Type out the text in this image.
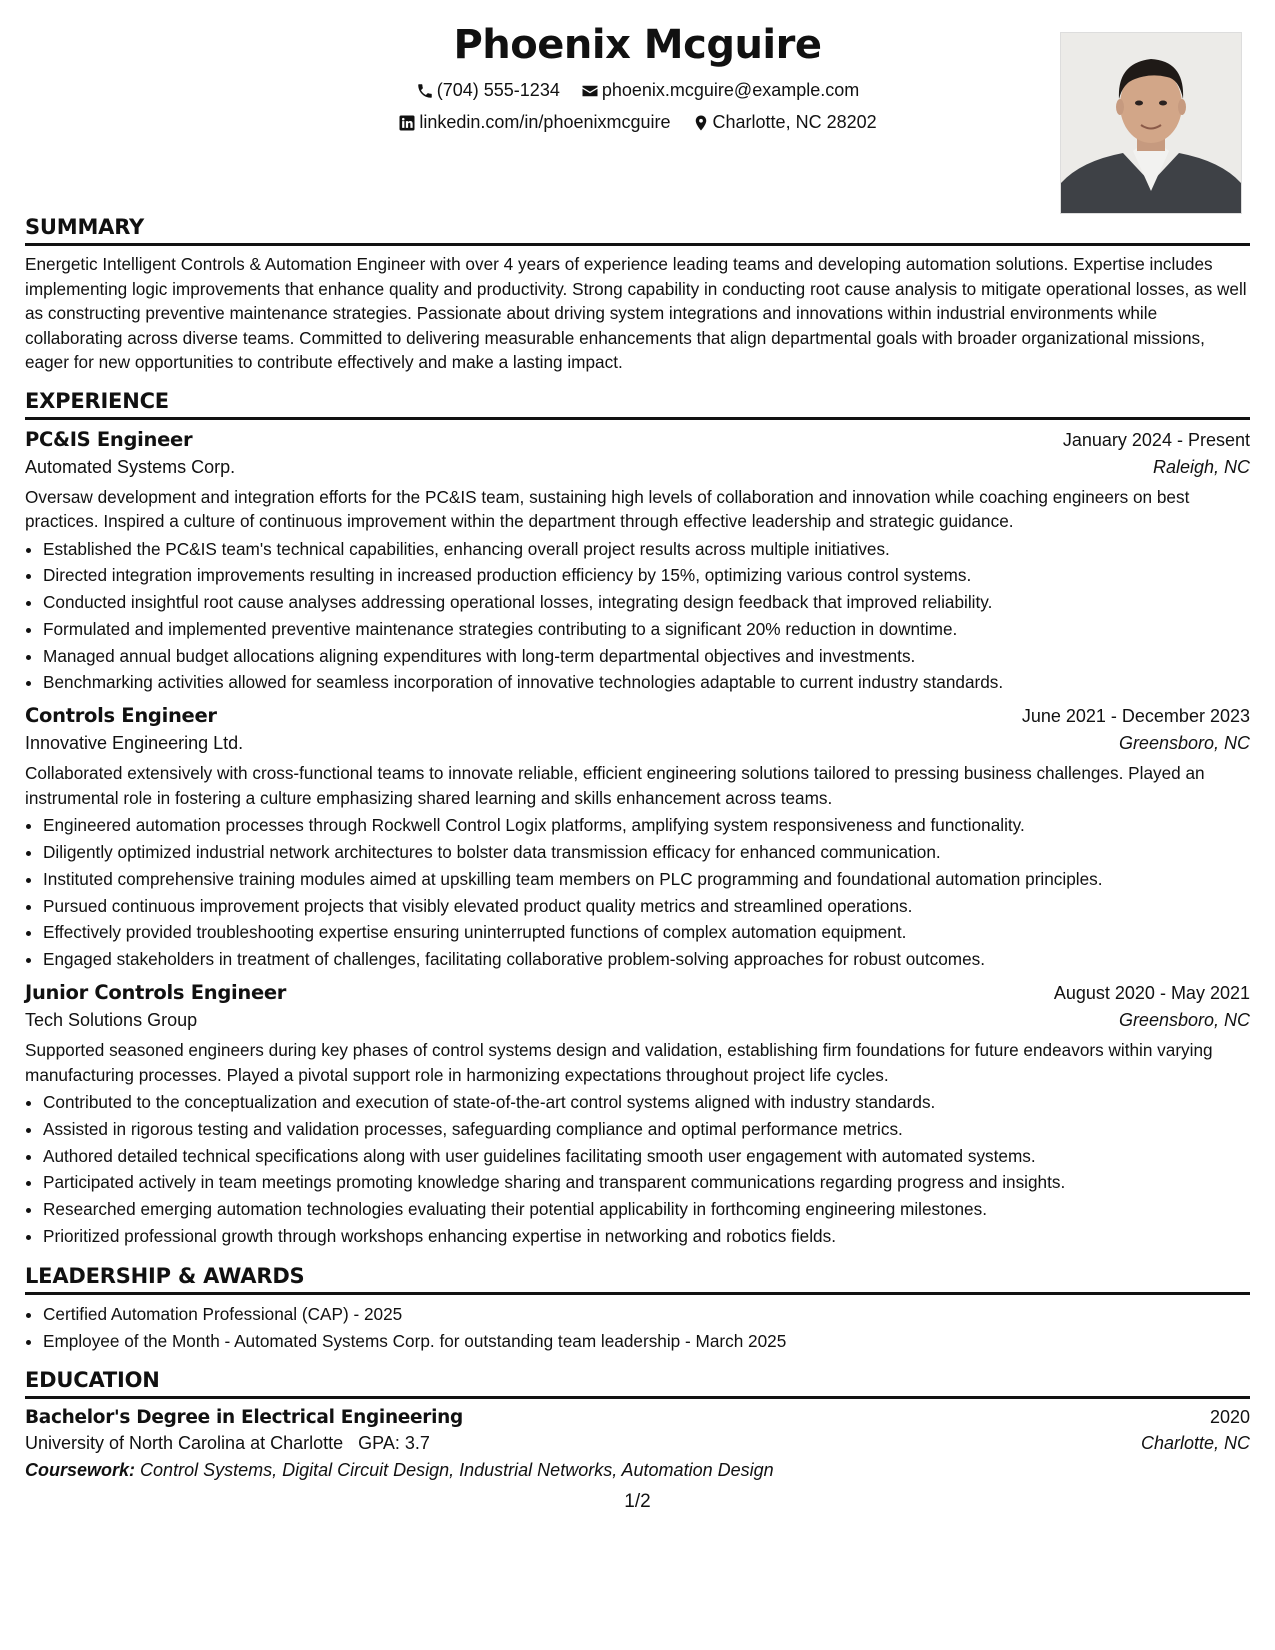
Phoenix Mcguire
(704) 555-1234
phoenix.mcguire@example.com
linkedin.com/in/phoenixmcguire
Charlotte, NC 28202
SUMMARY

Energetic Intelligent Controls & Automation Engineer with over 4 years of experience leading teams and developing automation solutions. Expertise includes implementing logic improvements that enhance quality and productivity. Strong capability in conducting root cause analysis to mitigate operational losses, as well as constructing preventive maintenance strategies. Passionate about driving system integrations and innovations within industrial environments while collaborating across diverse teams. Committed to delivering measurable enhancements that align departmental goals with broader organizational missions, eager for new opportunities to contribute effectively and make a lasting impact.

EXPERIENCE
PC&IS Engineer	January 2024 - Present
Automated Systems Corp.	Raleigh, NC

Oversaw development and integration efforts for the PC&IS team, sustaining high levels of collaboration and innovation while coaching engineers on best practices. Inspired a culture of continuous improvement within the department through effective leadership and strategic guidance.

• Established the PC&IS team's technical capabilities, enhancing overall project results across multiple initiatives.
• Directed integration improvements resulting in increased production efficiency by 15%, optimizing various control systems.
• Conducted insightful root cause analyses addressing operational losses, integrating design feedback that improved reliability.
• Formulated and implemented preventive maintenance strategies contributing to a significant 20% reduction in downtime.
• Managed annual budget allocations aligning expenditures with long-term departmental objectives and investments.
• Benchmarking activities allowed for seamless incorporation of innovative technologies adaptable to current industry standards.
Controls Engineer	June 2021 - December 2023
Innovative Engineering Ltd.	Greensboro, NC

Collaborated extensively with cross-functional teams to innovate reliable, efficient engineering solutions tailored to pressing business challenges. Played an instrumental role in fostering a culture emphasizing shared learning and skills enhancement across teams.

• Engineered automation processes through Rockwell Control Logix platforms, amplifying system responsiveness and functionality.
• Diligently optimized industrial network architectures to bolster data transmission efficacy for enhanced communication.
• Instituted comprehensive training modules aimed at upskilling team members on PLC programming and foundational automation principles.
• Pursued continuous improvement projects that visibly elevated product quality metrics and streamlined operations.
• Effectively provided troubleshooting expertise ensuring uninterrupted functions of complex automation equipment.
• Engaged stakeholders in treatment of challenges, facilitating collaborative problem-solving approaches for robust outcomes.
Junior Controls Engineer	August 2020 - May 2021
Tech Solutions Group	Greensboro, NC

Supported seasoned engineers during key phases of control systems design and validation, establishing firm foundations for future endeavors within varying manufacturing processes. Played a pivotal support role in harmonizing expectations throughout project life cycles.

• Contributed to the conceptualization and execution of state-of-the-art control systems aligned with industry standards.
• Assisted in rigorous testing and validation processes, safeguarding compliance and optimal performance metrics.
• Authored detailed technical specifications along with user guidelines facilitating smooth user engagement with automated systems.
• Participated actively in team meetings promoting knowledge sharing and transparent communications regarding progress and insights.
• Researched emerging automation technologies evaluating their potential applicability in forthcoming engineering milestones.
• Prioritized professional growth through workshops enhancing expertise in networking and robotics fields.
LEADERSHIP & AWARDS
• Certified Automation Professional (CAP) - 2025
• Employee of the Month - Automated Systems Corp. for outstanding team leadership - March 2025
EDUCATION
Bachelor's Degree in Electrical Engineering	2020
University of North Carolina at Charlotte GPA: 3.7	Charlotte, NC
Coursework: Control Systems, Digital Circuit Design, Industrial Networks, Automation Design
1/2
